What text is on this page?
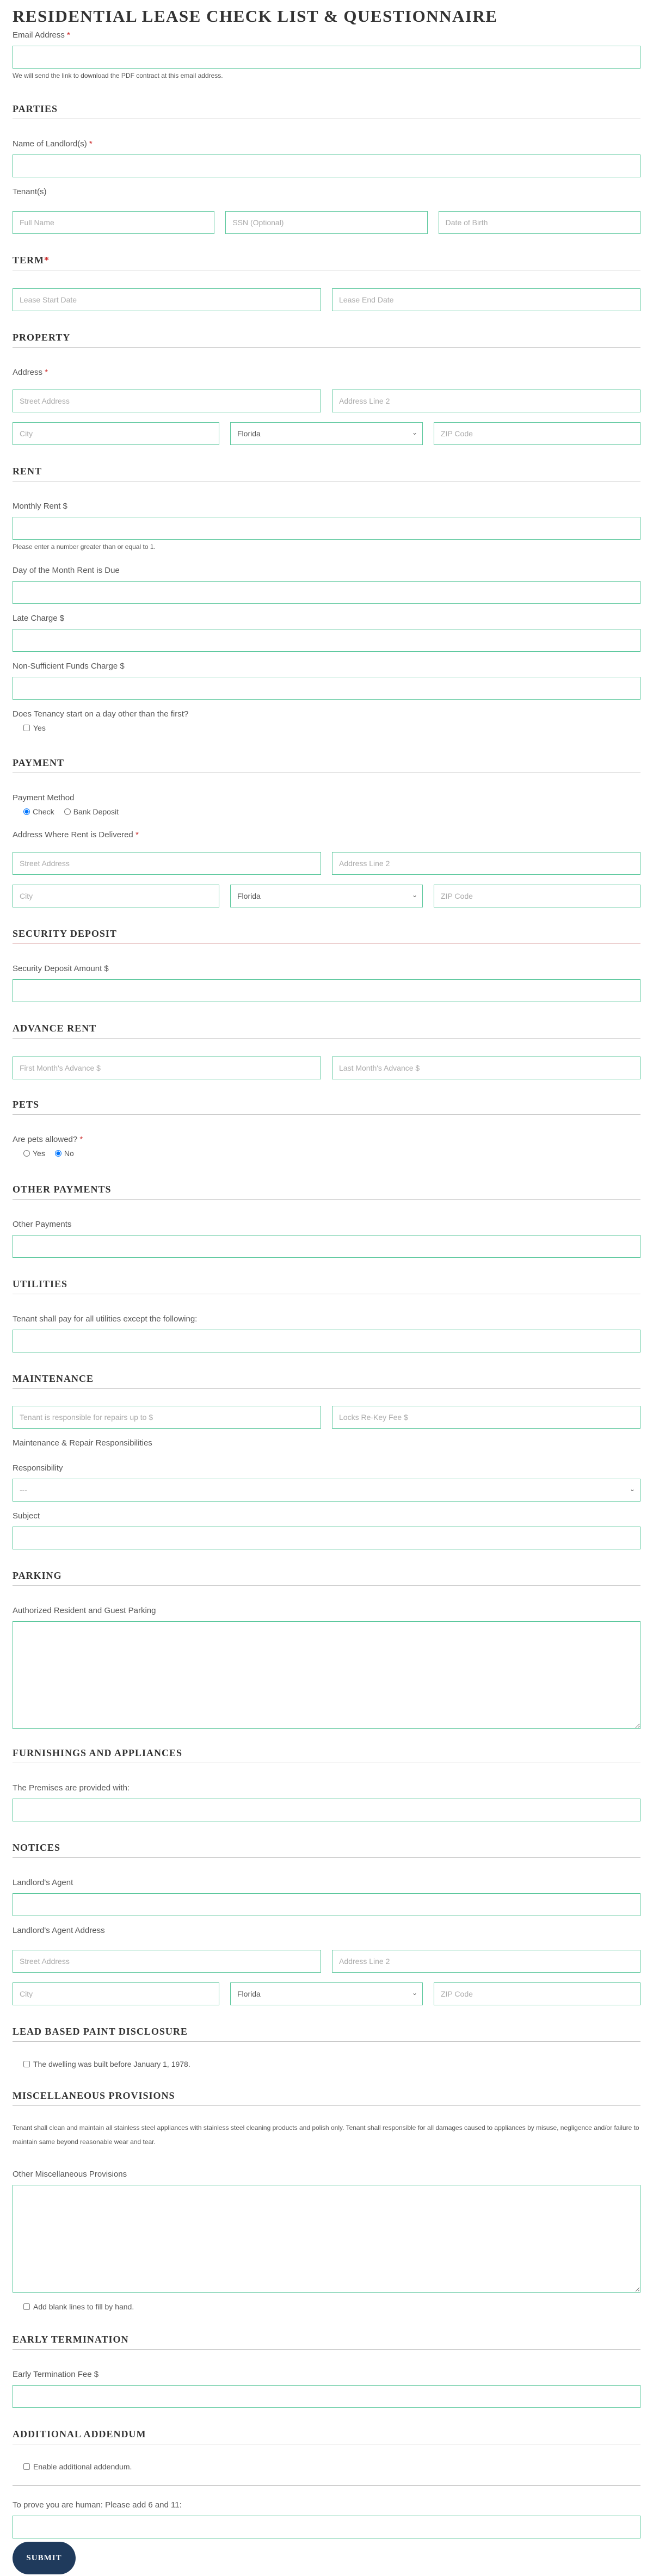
RESIDENTIAL LEASE CHECK LIST & QUESTIONNAIRE
Email Address *
We will send the link to download the PDF contract at this email address.
PARTIES
Name of Landlord(s) *
Tenant(s)
Full Name
SSN (Optional)
Date of Birth
TERM*
Lease Start Date
Lease End Date
PROPERTY
Address *
Street Address
Address Line 2
City
Florida	⌄
ZIP Code
RENT
Monthly Rent $
Please enter a number greater than or equal to 1.
Day of the Month Rent is Due
Late Charge $
Non-Sufficient Funds Charge $
Does Tenancy start on a day other than the first?
Yes
PAYMENT
Payment Method
Check	Bank Deposit
Address Where Rent is Delivered *
Street Address
Address Line 2
City
Florida	⌄
ZIP Code
SECURITY DEPOSIT
Security Deposit Amount $
ADVANCE RENT
First Month's Advance $
Last Month's Advance $
PETS
Are pets allowed? *
Yes	No
OTHER PAYMENTS
Other Payments
UTILITIES
Tenant shall pay for all utilities except the following:
MAINTENANCE
Tenant is responsible for repairs up to $
Locks Re-Key Fee $
Maintenance & Repair Responsibilities
Responsibility
---	⌄
Subject
PARKING
Authorized Resident and Guest Parking
FURNISHINGS AND APPLIANCES
The Premises are provided with:
NOTICES
Landlord's Agent
Landlord's Agent Address
Street Address
Address Line 2
City
Florida	⌄
ZIP Code
LEAD BASED PAINT DISCLOSURE
The dwelling was built before January 1, 1978.
MISCELLANEOUS PROVISIONS

Tenant shall clean and maintain all stainless steel appliances with stainless steel cleaning products and polish only. Tenant shall responsible for all damages caused to appliances by misuse, negligence and/or failure to maintain same beyond reasonable wear and tear.

Other Miscellaneous Provisions
Add blank lines to fill by hand.
EARLY TERMINATION
Early Termination Fee $
ADDITIONAL ADDENDUM
Enable additional addendum.
To prove you are human: Please add 6 and 11:
SUBMIT
